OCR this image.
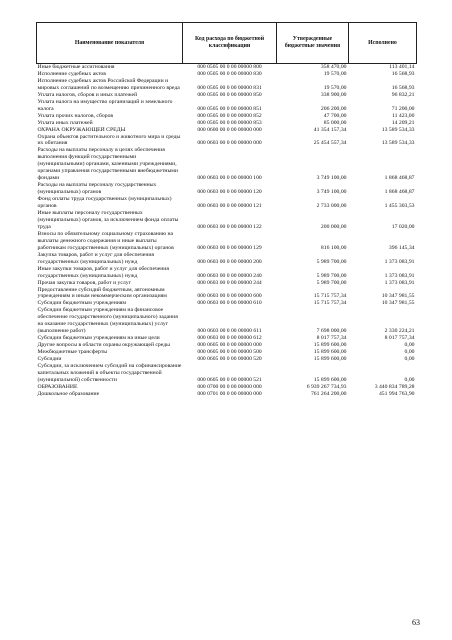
Наименование показателя	Код расхода по бюджетной классификации	Утвержденные бюджетные значения	Исполнено
Иные бюджетные ассигнования	000 0505 00 0 00 00000 800	358 470,00	113 401,14
Исполнение судебных актов	000 0505 00 0 00 00000 830	19 570,00	16 568,93
Исполнение судебных актов Российской Федерации и мировых соглашений по возмещению причиненного вреда	000 0505 00 0 00 00000 831	19 570,00	16 568,93
Уплата налогов, сборов и иных платежей	000 0505 00 0 00 00000 850	338 900,00	96 832,21
Уплата налога на имущество организаций и земельного налога	000 0505 00 0 00 00000 851	206 200,00	71 200,00
Уплата прочих налогов, сборов	000 0505 00 0 00 00000 852	47 700,00	11 423,00
Уплата иных платежей	000 0505 00 0 00 00000 853	85 000,00	14 209,21
ОХРАНА ОКРУЖАЮЩЕЙ СРЕДЫ	000 0600 00 0 00 00000 000	41 354 157,34	13 589 534,33
Охрана объектов растительного и животного мира и среды их обитания	000 0603 00 0 00 00000 000	25 454 557,34	13 589 534,33
Расходы на выплаты персоналу в целях обеспечения выполнения функций государственными (муниципальными) органами, казенными учреждениями, органами управления государственными внебюджетными фондами	000 0603 00 0 00 00000 100	3 749 100,00	1 868 468,87
Расходы на выплаты персоналу государственных (муниципальных) органов	000 0603 00 0 00 00000 120	3 749 100,00	1 868 468,87
Фонд оплаты труда государственных (муниципальных) органов	000 0603 00 0 00 00000 121	2 733 000,00	1 455 303,53
Иные выплаты персоналу государственных (муниципальных) органов, за исключением фонда оплаты труда	000 0603 00 0 00 00000 122	200 000,00	17 020,00
Взносы по обязательному социальному страхованию на выплаты денежного содержания и иные выплаты работникам государственных (муниципальных) органов	000 0603 00 0 00 00000 129	816 100,00	396 145,34
Закупка товаров, работ и услуг для обеспечения государственных (муниципальных) нужд	000 0603 00 0 00 00000 200	5 989 700,00	1 373 083,91
Иные закупки товаров, работ и услуг для обеспечения государственных (муниципальных) нужд	000 0603 00 0 00 00000 240	5 989 700,00	1 373 083,91
Прочая закупка товаров, работ и услуг	000 0603 00 0 00 00000 244	5 989 700,00	1 373 083,91
Предоставление субсидий бюджетным, автономным учреждениям и иным некоммерческим организациям	000 0603 00 0 00 00000 600	15 715 757,34	10 347 981,55
Субсидии бюджетным учреждениям	000 0603 00 0 00 00000 610	15 715 757,34	10 347 981,55
Субсидии бюджетным учреждениям на финансовое обеспечение государственного (муниципального) задания на оказание государственных (муниципальных) услуг (выполнение работ)	000 0603 00 0 00 00000 611	7 698 000,00	2 330 224,21
Субсидии бюджетным учреждениям на иные цели	000 0603 00 0 00 00000 612	8 017 757,34	8 017 757,34
Другие вопросы в области охраны окружающей среды	000 0605 00 0 00 00000 000	15 899 600,00	0,00
Межбюджетные трансферты	000 0605 00 0 00 00000 500	15 899 600,00	0,00
Субсидии	000 0605 00 0 00 00000 520	15 899 600,00	0,00
Субсидии, за исключением субсидий на софинансирование капитальных вложений в объекты государственной (муниципальной) собственности	000 0605 00 0 00 00000 521	15 899 600,00	0,00
ОБРАЗОВАНИЕ	000 0700 00 0 00 00000 000	6 939 267 734,93	3 440 834 789,28
Дошкольное образование	000 0701 00 0 00 00000 000	761 264 200,00	451 994 763,90
63
